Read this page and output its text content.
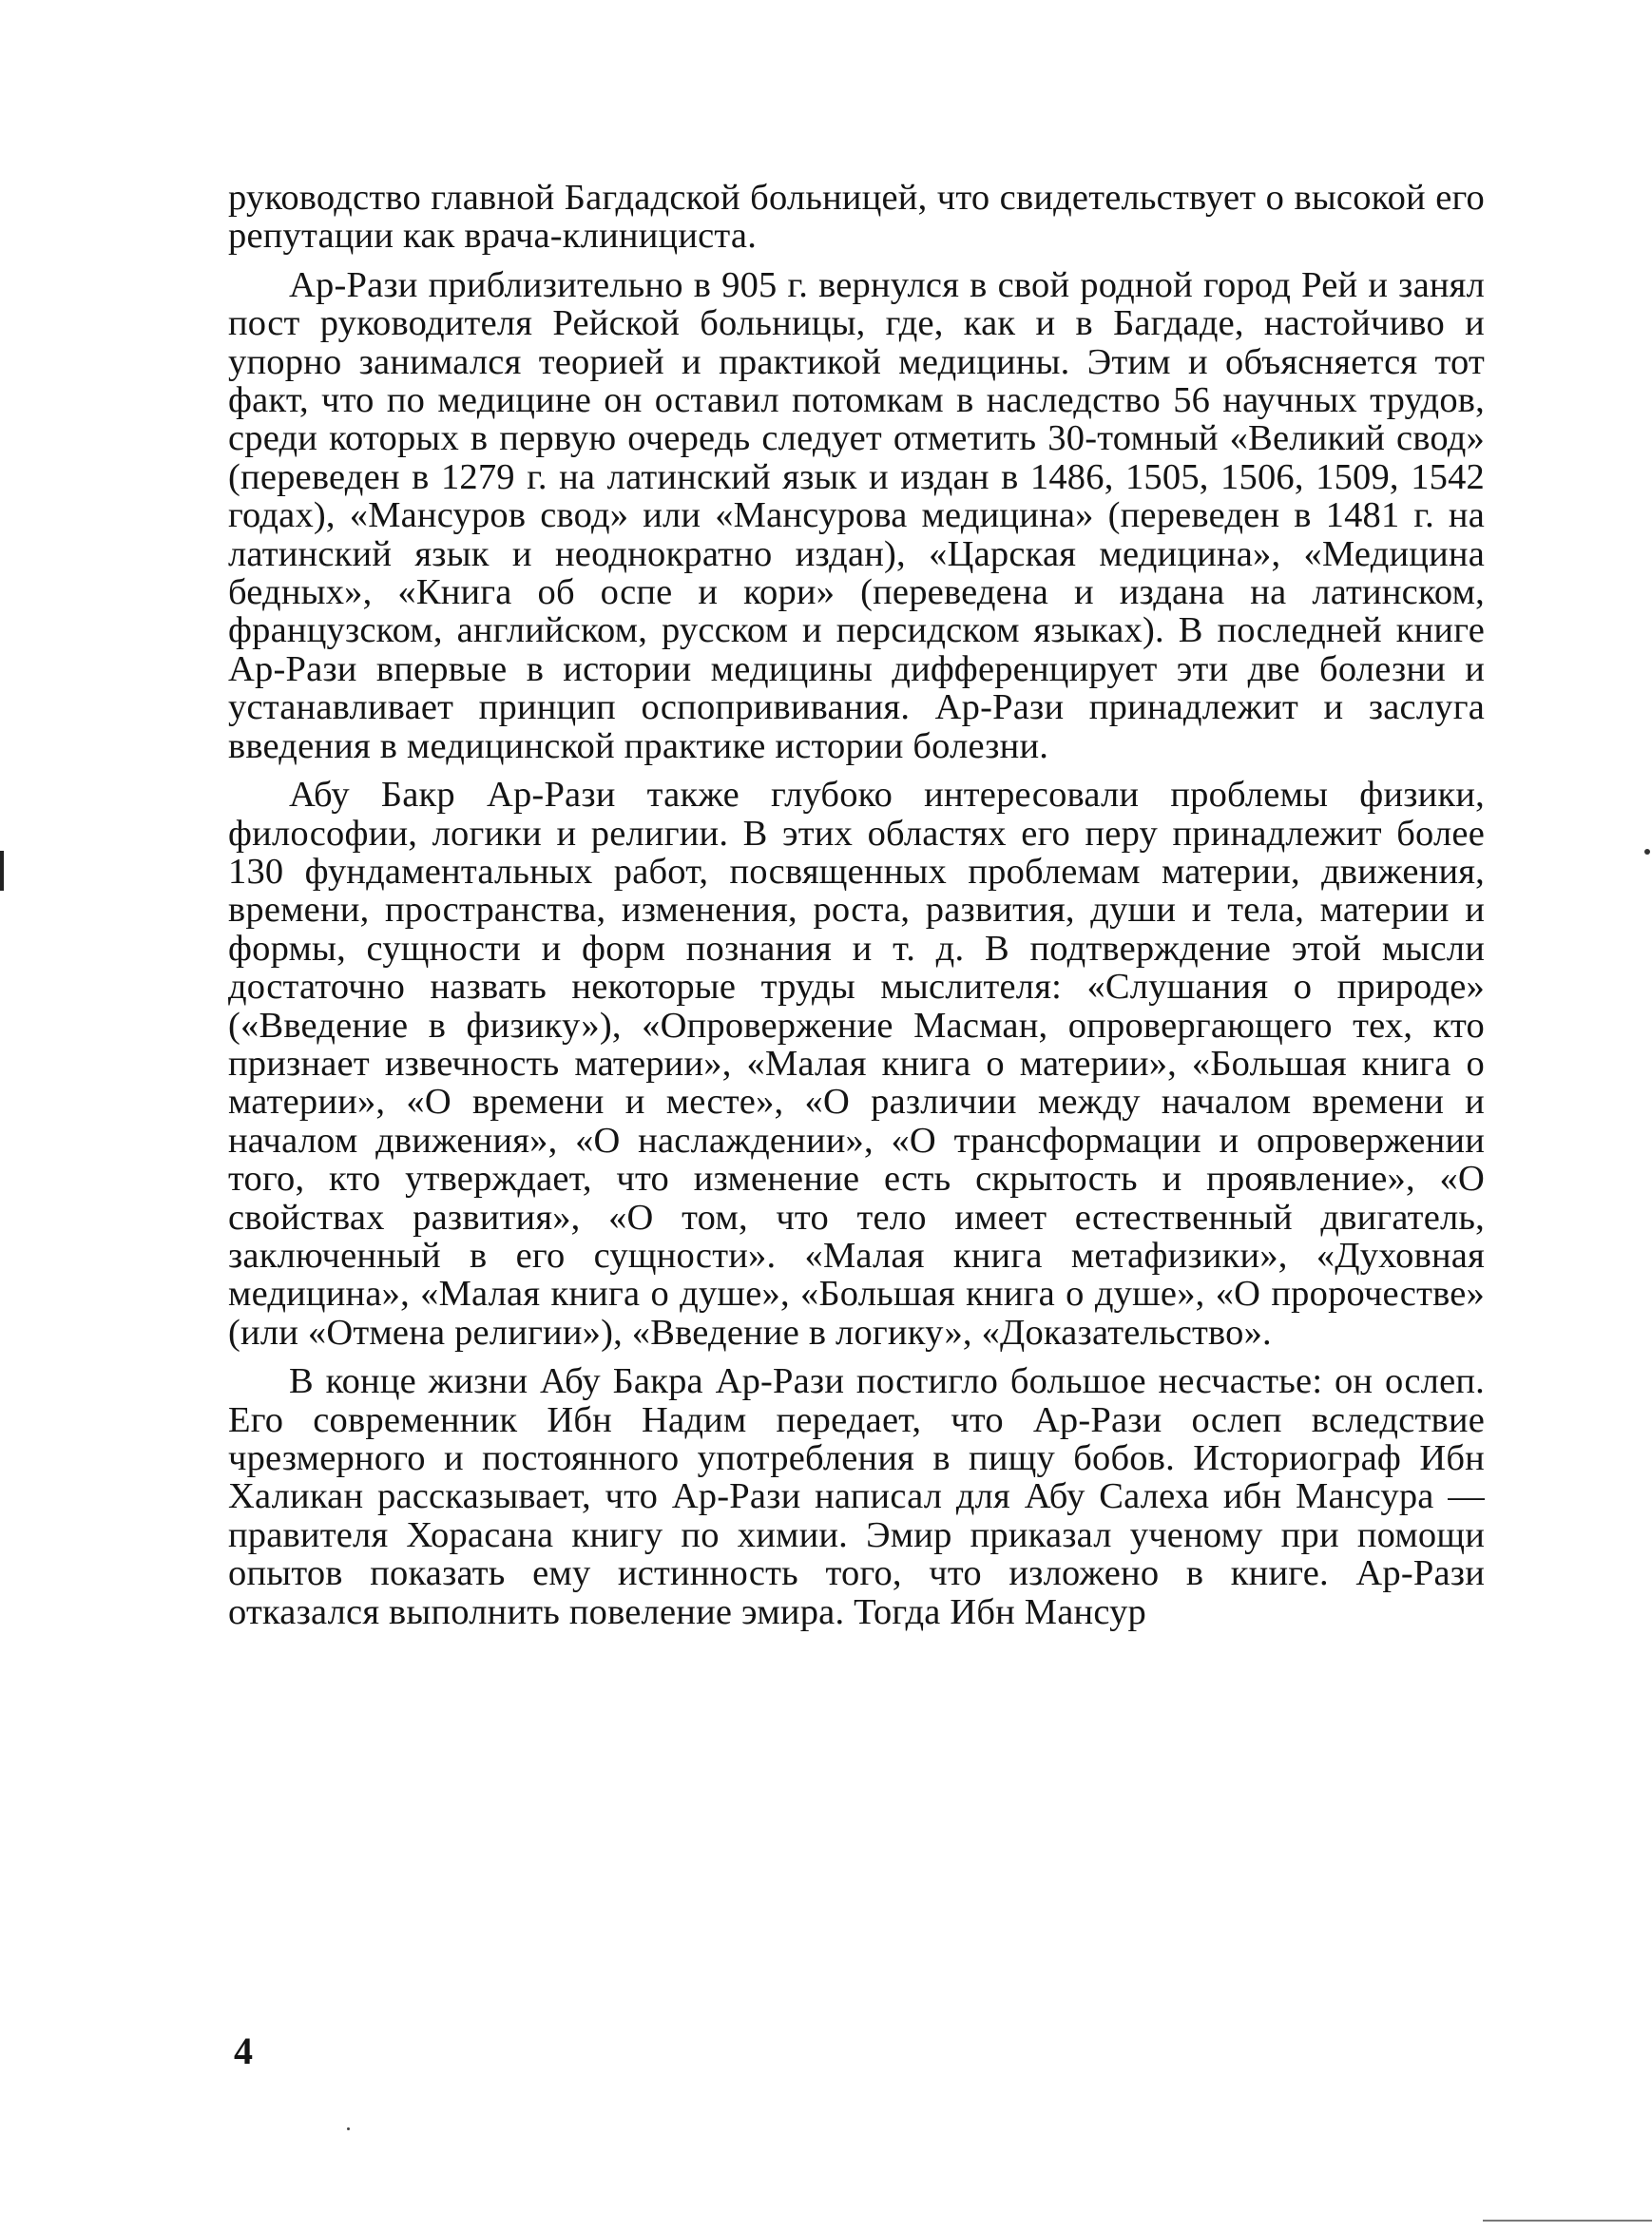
руководство главной Багдадской больницей, что свидетельствует о высокой его репутации как врача-клинициста.

Ар-Рази приблизительно в 905 г. вернулся в свой родной город Рей и занял пост руководителя Рейской больницы, где, как и в Багдаде, настойчиво и упорно занимался теорией и практикой медицины. Этим и объясняется тот факт, что по медицине он оставил потомкам в наследство 56 научных трудов, среди которых в первую очередь следует отметить 30-томный «Великий свод» (переведен в 1279 г. на латинский язык и издан в 1486, 1505, 1506, 1509, 1542 годах), «Мансуров свод» или «Мансурова медицина» (переведен в 1481 г. на латинский язык и неоднократно издан), «Царская медицина», «Медицина бедных», «Книга об оспе и кори» (переведена и издана на латинском, французском, английском, русском и персидском языках). В последней книге Ар-Рази впервые в истории медицины дифференцирует эти две болезни и устанавливает принцип оспопрививания. Ар-Рази принадлежит и заслуга введения в медицинской практике истории болезни.

Абу Бакр Ар-Рази также глубоко интересовали проблемы физики, философии, логики и религии. В этих областях его перу принадлежит более 130 фундаментальных работ, посвященных проблемам материи, движения, времени, пространства, изменения, роста, развития, души и тела, материи и формы, сущности и форм познания и т. д. В подтверждение этой мысли достаточно назвать некоторые труды мыслителя: «Слушания о природе» («Введение в физику»), «Опровержение Масман, опровергающего тех, кто признает извечность материи», «Малая книга о материи», «Большая книга о материи», «О времени и месте», «О различии между началом времени и началом движения», «О наслаждении», «О трансформации и опровержении того, кто утверждает, что изменение есть скрытость и проявление», «О свойствах развития», «О том, что тело имеет естественный двигатель, заключенный в его сущности». «Малая книга метафизики», «Духовная медицина», «Малая книга о душе», «Большая книга о душе», «О пророчестве» (или «Отмена религии»), «Введение в логику», «Доказательство».

В конце жизни Абу Бакра Ар-Рази постигло большое несчастье: он ослеп. Его современник Ибн Надим передает, что Ар-Рази ослеп вследствие чрезмерного и постоянного употребления в пищу бобов. Историограф Ибн Халикан рассказывает, что Ар-Рази написал для Абу Салеха ибн Мансура — правителя Хорасана книгу по химии. Эмир приказал ученому при помощи опытов показать ему истинность того, что изложено в книге. Ар-Рази отказался выполнить повеление эмира. Тогда Ибн Мансур

4
